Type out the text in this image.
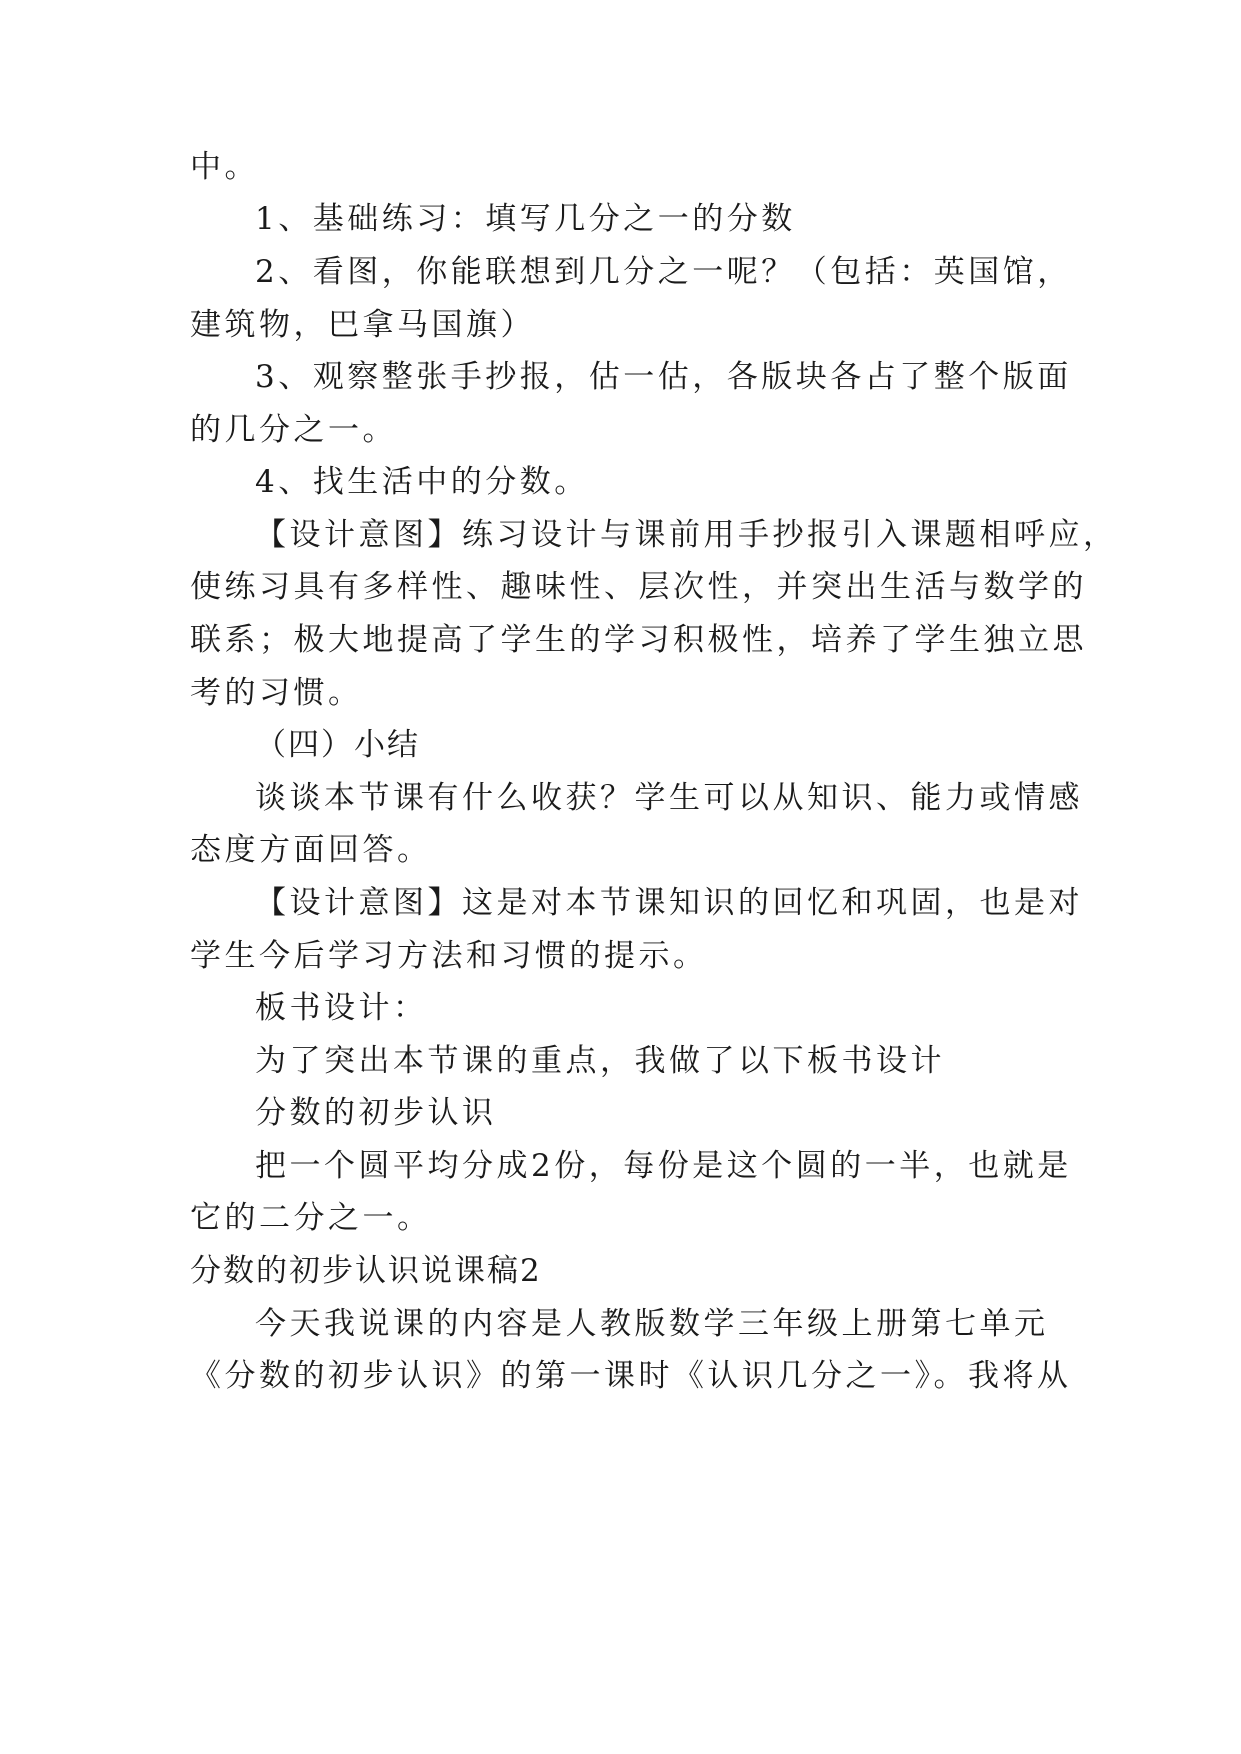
中。
1、基础练习：填写几分之一的分数
2、看图，你能联想到几分之一呢？（包括：英国馆，
建筑物，巴拿马国旗）
3、观察整张手抄报，估一估，各版块各占了整个版面
的几分之一。
4、找生活中的分数。
【设计意图】练习设计与课前用手抄报引入课题相呼应，
使练习具有多样性、趣味性、层次性，并突出生活与数学的
联系；极大地提高了学生的学习积极性，培养了学生独立思
考的习惯。
（四）小结
谈谈本节课有什么收获？学生可以从知识、能力或情感
态度方面回答。
【设计意图】这是对本节课知识的回忆和巩固，也是对
学生今后学习方法和习惯的提示。
板书设计：
为了突出本节课的重点，我做了以下板书设计
分数的初步认识
把一个圆平均分成2份，每份是这个圆的一半，也就是
它的二分之一。
分数的初步认识说课稿2
今天我说课的内容是人教版数学三年级上册第七单元
《分数的初步认识》的第一课时《认识几分之一》。我将从
